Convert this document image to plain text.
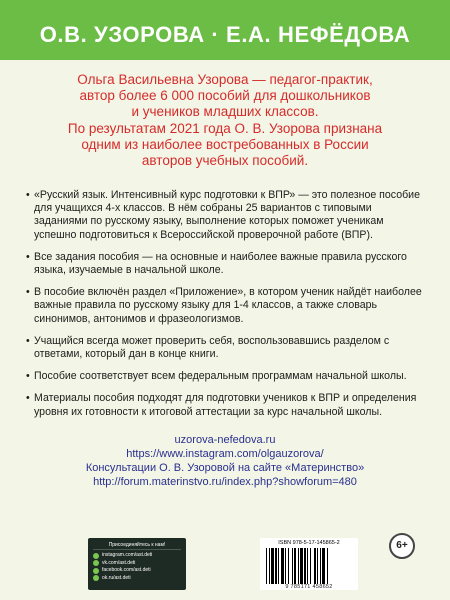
О.В. УЗОРОВА · Е.А. НЕФЁДОВА

Ольга Васильевна Узорова — педагог-практик,

автор более 6 000 пособий для дошкольников

и учеников младших классов.

По результатам 2021 года О. В. Узорова признана

одним из наиболее востребованных в России

авторов учебных пособий.

• «Русский язык. Интенсивный курс подготовки к ВПР» — это полезное пособие для учащихся 4-х классов. В нём собраны 25 вариантов с типовыми заданиями по русскому языку, выполнение которых поможет ученикам успешно подготовиться к Всероссийской проверочной работе (ВПР).
• Все задания пособия — на основные и наиболее важные правила русского языка, изучаемые в начальной школе.
• В пособие включён раздел «Приложение», в котором ученик найдёт наиболее важные правила по русскому языку для 1-4 классов, а также словарь синонимов, антонимов и фразеологизмов.
• Учащийся всегда может проверить себя, воспользовавшись разделом с ответами, который дан в конце книги.
• Пособие соответствует всем федеральным программам начальной школы.
• Материалы пособия подходят для подготовки учеников к ВПР и определения уровня их готовности к итоговой аттестации за курс начальной школы.
uzorova-nefedova.ru
https://www.instagram.com/olgauzorova/
Консультации О. В. Узоровой на сайте «Материнство»
http://forum.materinstvo.ru/index.php?showforum=480
Присоединяйтесь к нам!
instagram.com/ast.deti
vk.com/ast.deti
facebook.com/ast.deti
ok.ru/ast.deti
ISBN 978-5-17-145865-2
9 785171 458652
6+
